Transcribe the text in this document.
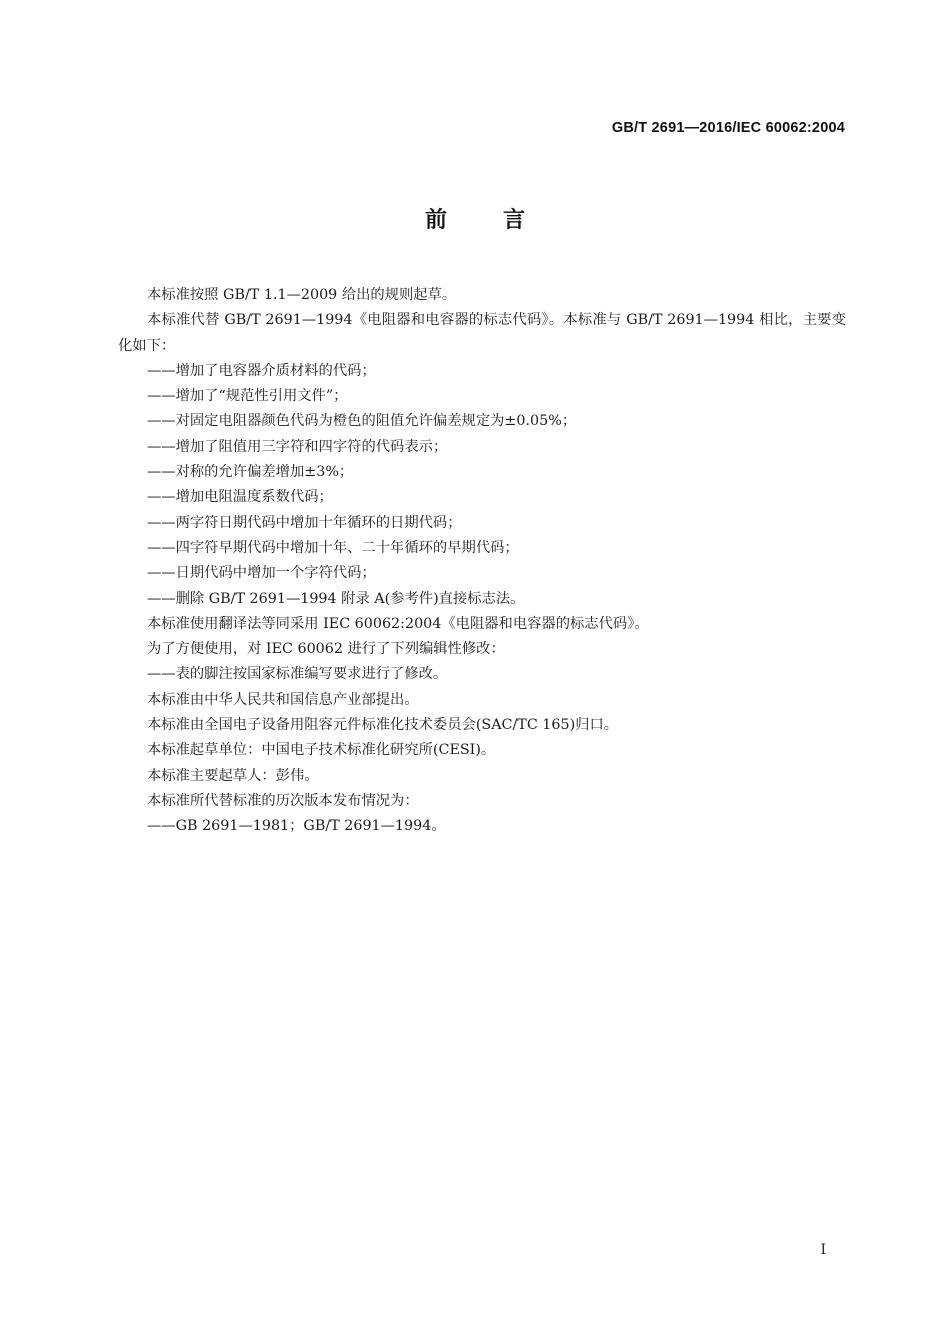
GB/T 2691—2016/IEC 60062:2004
前	言

本标准按照 GB/T 1.1—2009 给出的规则起草。

本标准代替 GB/T 2691—1994《电阻器和电容器的标志代码》。本标准与 GB/T 2691—1994 相比，主要变化如下：

——增加了电容器介质材料的代码；

——增加了“规范性引用文件”；

——对固定电阻器颜色代码为橙色的阻值允许偏差规定为±0.05%；

——增加了阻值用三字符和四字符的代码表示；

——对称的允许偏差增加±3%；

——增加电阻温度系数代码；

——两字符日期代码中增加十年循环的日期代码；

——四字符早期代码中增加十年、二十年循环的早期代码；

——日期代码中增加一个字符代码；

——删除 GB/T 2691—1994 附录 A(参考件)直接标志法。

本标准使用翻译法等同采用 IEC 60062:2004《电阻器和电容器的标志代码》。

为了方便使用，对 IEC 60062 进行了下列编辑性修改：

——表的脚注按国家标准编写要求进行了修改。

本标准由中华人民共和国信息产业部提出。

本标准由全国电子设备用阻容元件标准化技术委员会(SAC/TC 165)归口。

本标准起草单位：中国电子技术标准化研究所(CESI)。

本标准主要起草人：彭伟。

本标准所代替标准的历次版本发布情况为：

——GB 2691—1981；GB/T 2691—1994。

I
